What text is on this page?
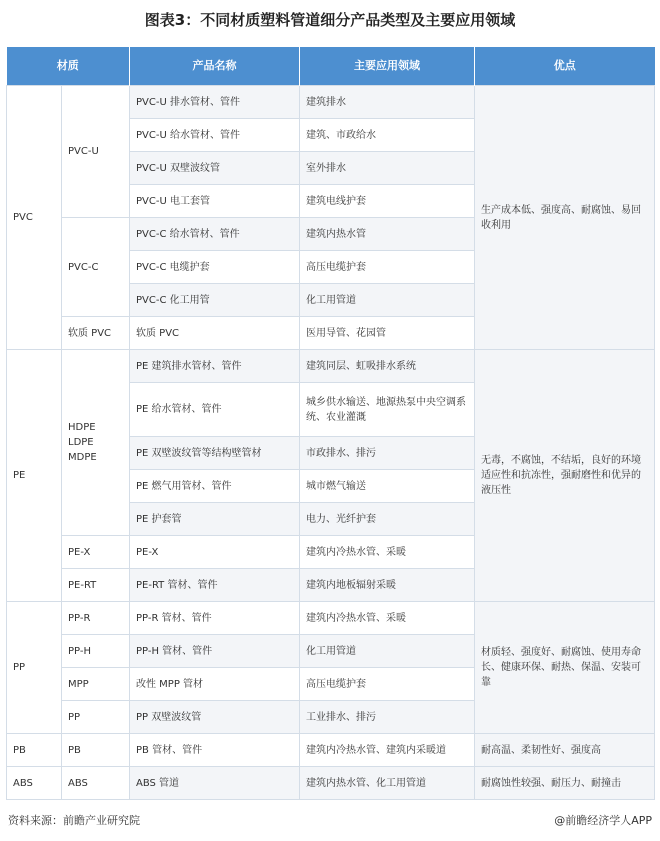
图表3：不同材质塑料管道细分产品类型及主要应用领域
材质		产品名称	主要应用领域	优点
PVC	PVC-U	PVC-U 排水管材、管件	建筑排水	生产成本低、强度高、耐腐蚀、易回收利用
		PVC-U 给水管材、管件	建筑、市政给水	
		PVC-U 双壁波纹管	室外排水	
		PVC-U 电工套管	建筑电线护套	
	PVC-C	PVC-C 给水管材、管件	建筑内热水管	
		PVC-C 电缆护套	高压电缆护套	
		PVC-C 化工用管	化工用管道	
	软质 PVC	软质 PVC	医用导管、花园管	
PE	HDPE LDPE MDPE	PE 建筑排水管材、管件	建筑同层、虹吸排水系统	无毒，不腐蚀，不结垢，良好的环境适应性和抗冻性，强耐磨性和优异的液压性
		PE 给水管材、管件	城乡供水输送、地源热泵中央空调系统、农业灌溉	
		PE 双壁波纹管等结构壁管材	市政排水、排污	
		PE 燃气用管材、管件	城市燃气输送	
		PE 护套管	电力、光纤护套	
	PE-X	PE-X	建筑内冷热水管、采暖	
	PE-RT	PE-RT 管材、管件	建筑内地板辐射采暖	
PP	PP-R	PP-R 管材、管件	建筑内冷热水管、采暖	材质轻、强度好、耐腐蚀、使用寿命长、健康环保、耐热、保温、安装可靠
	PP-H	PP-H 管材、管件	化工用管道	
	MPP	改性 MPP 管材	高压电缆护套	
	PP	PP 双壁波纹管	工业排水、排污	
PB	PB	PB 管材、管件	建筑内冷热水管、建筑内采暖道	耐高温、柔韧性好、强度高
ABS	ABS	ABS 管道	建筑内热水管、化工用管道	耐腐蚀性较强、耐压力、耐撞击
资料来源：前瞻产业研究院	@前瞻经济学人APP
